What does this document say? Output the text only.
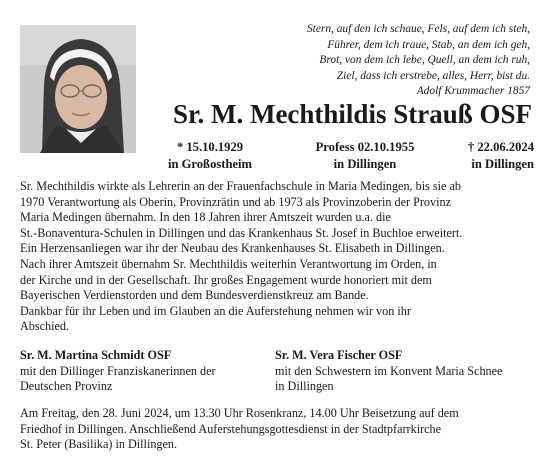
Stern, auf den ich schaue, Fels, auf dem ich steh,
Führer, dem ich traue, Stab, an dem ich geh,
Brot, von dem ich lebe, Quell, an dem ich ruh,
Ziel, dass ich erstrebe, alles, Herr, bist du.
Adolf Krummacher 1857
Sr. M. Mechthildis Strauß OSF
* 15.10.1929
in Großostheim
Profess 02.10.1955
in Dillingen
† 22.06.2024
in Dillingen
Sr. Mechthildis wirkte als Lehrerin an der Frauenfachschule in Maria Medingen, bis sie ab
1970 Verantwortung als Oberin, Provinzrätin und ab 1973 als Provinzoberin der Provinz
Maria Medingen übernahm. In den 18 Jahren ihrer Amtszeit wurden u.a. die
St.-Bonaventura-Schulen in Dillingen und das Krankenhaus St. Josef in Buchloe erweitert.
Ein Herzensanliegen war ihr der Neubau des Krankenhauses St. Elisabeth in Dillingen.
Nach ihrer Amtszeit übernahm Sr. Mechthildis weiterhin Verantwortung im Orden, in
der Kirche und in der Gesellschaft. Ihr großes Engagement wurde honoriert mit dem
Bayerischen Verdienstorden und dem Bundesverdienstkreuz am Bande.
Dankbar für ihr Leben und im Glauben an die Auferstehung nehmen wir von ihr
Abschied.
Sr. M. Martina Schmidt OSF
mit den Dillinger Franziskanerinnen der
Deutschen Provinz
Sr. M. Vera Fischer OSF
mit den Schwestern im Konvent Maria Schnee
in Dillingen
Am Freitag, den 28. Juni 2024, um 13.30 Uhr Rosenkranz, 14.00 Uhr Beisetzung auf dem
Friedhof in Dillingen. Anschließend Auferstehungsgottesdienst in der Stadtpfarrkirche
St. Peter (Basilika) in Dillingen.
